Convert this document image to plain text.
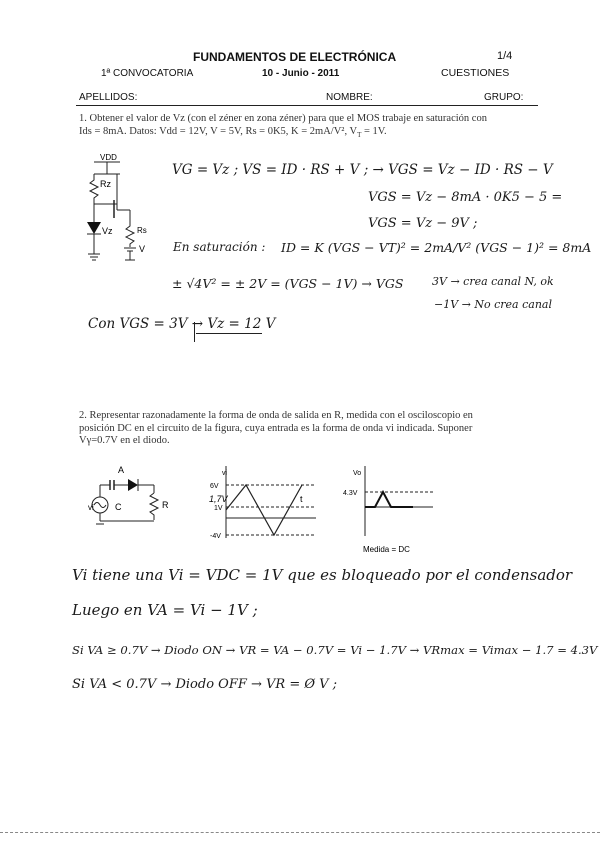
FUNDAMENTOS DE ELECTRÓNICA	1/4
1ª CONVOCATORIA	10 - Junio - 2011	CUESTIONES
APELLIDOS:	NOMBRE:	GRUPO:
1. Obtener el valor de Vz (con el zéner en zona zéner) para que el MOS trabaje en saturación con
Ids = 8mA. Datos: Vdd = 12V, V = 5V, Rs = 0K5, K = 2mA/V², $V_T = 1V$.
VDD
Rz
Rs
V
Vz
VG = Vz ; VS = ID · RS + V ; → VGS = Vz − ID · RS − V
VGS = Vz − 8mA · 0K5 − 5 =
VGS = Vz − 9V ;
En saturación : ID = K (VGS − VT)² = 2mA/V² (VGS − 1)² = 8mA
± √4V² = ± 2V = (VGS − 1V) → VGS	3V → crea canal N, ok
−1V → No crea canal
Con VGS = 3V → Vz = 12 V
2. Representar razonadamente la forma de onda de salida en R, medida con el osciloscopio en
posición DC en el circuito de la figura, cuya entrada es la forma de onda vi indicada. Suponer
Vγ=0.7V en el diodo.
A
vi C	R
vi
6V
1V
1,7V
-4V
t
Vo
4.3V
Medida = DC
Vi tiene una Vi = VDC = 1V que es bloqueado por el condensador
Luego en VA = Vi − 1V ;
Si VA ≥ 0.7V → Diodo ON → VR = VA − 0.7V = Vi − 1.7V → VRmax = Vimax − 1.7 = 4.3V
Si VA < 0.7V → Diodo OFF → VR = Ø V ;
